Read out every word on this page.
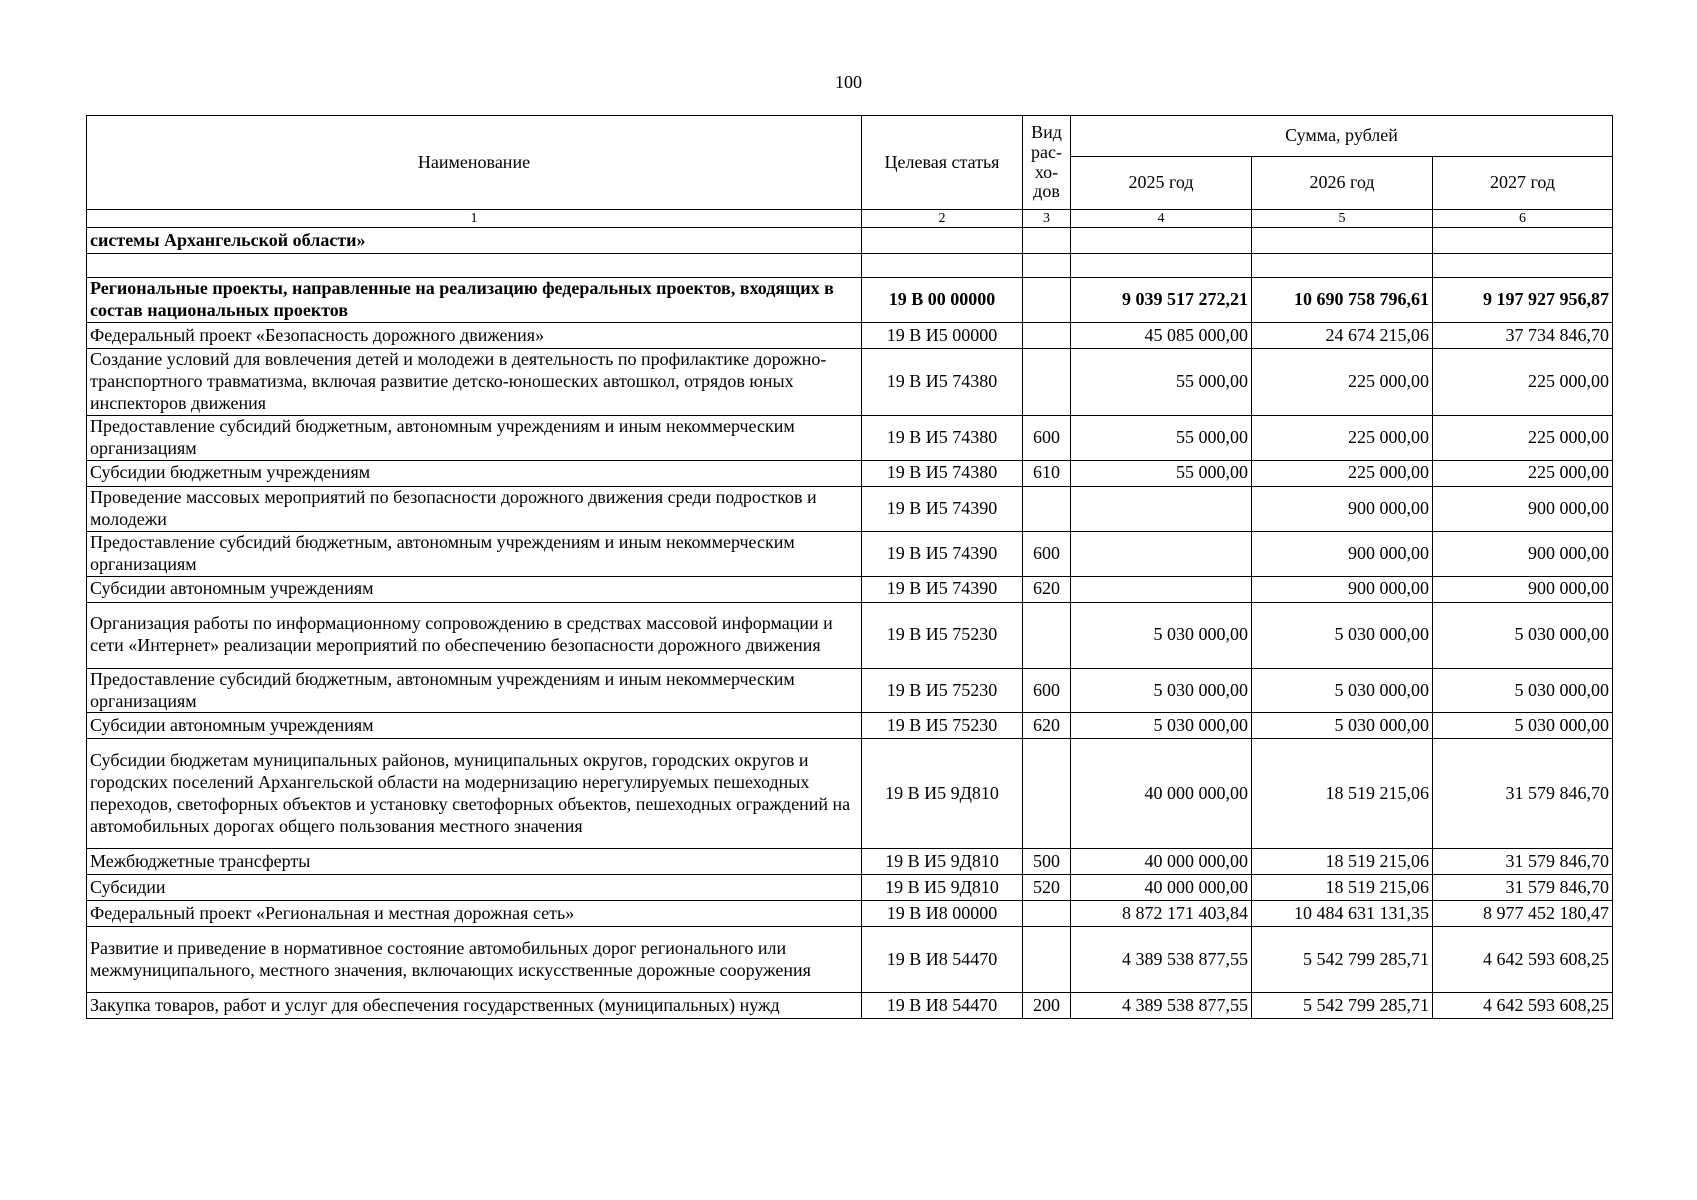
100
Наименование	Целевая статья	Вид рас-хо-дов	Сумма, рублей		
			2025 год	2026 год	2027 год
1	2	3	4	5	6
системы Архангельской области»					

Региональные проекты, направленные на реализацию федеральных проектов, входящих в состав национальных проектов	19 В 00 00000		9 039 517 272,21	10 690 758 796,61	9 197 927 956,87
Федеральный проект «Безопасность дорожного движения»	19 В И5 00000		45 085 000,00	24 674 215,06	37 734 846,70
Создание условий для вовлечения детей и молодежи в деятельность по профилактике дорожно-транспортного травматизма, включая развитие детско-юношеских автошкол, отрядов юных инспекторов движения	19 В И5 74380		55 000,00	225 000,00	225 000,00
Предоставление субсидий бюджетным, автономным учреждениям и иным некоммерческим организациям	19 В И5 74380	600	55 000,00	225 000,00	225 000,00
Субсидии бюджетным учреждениям	19 В И5 74380	610	55 000,00	225 000,00	225 000,00
Проведение массовых мероприятий по безопасности дорожного движения среди подростков и молодежи	19 В И5 74390			900 000,00	900 000,00
Предоставление субсидий бюджетным, автономным учреждениям и иным некоммерческим организациям	19 В И5 74390	600		900 000,00	900 000,00
Субсидии автономным учреждениям	19 В И5 74390	620		900 000,00	900 000,00
Организация работы по информационному сопровождению в средствах массовой информации и сети «Интернет» реализации мероприятий по обеспечению безопасности дорожного движения	19 В И5 75230		5 030 000,00	5 030 000,00	5 030 000,00
Предоставление субсидий бюджетным, автономным учреждениям и иным некоммерческим организациям	19 В И5 75230	600	5 030 000,00	5 030 000,00	5 030 000,00
Субсидии автономным учреждениям	19 В И5 75230	620	5 030 000,00	5 030 000,00	5 030 000,00
Субсидии бюджетам муниципальных районов, муниципальных округов, городских округов и городских поселений Архангельской области на модернизацию нерегулируемых пешеходных переходов, светофорных объектов и установку светофорных объектов, пешеходных ограждений на автомобильных дорогах общего пользования местного значения	19 В И5 9Д810		40 000 000,00	18 519 215,06	31 579 846,70
Межбюджетные трансферты	19 В И5 9Д810	500	40 000 000,00	18 519 215,06	31 579 846,70
Субсидии	19 В И5 9Д810	520	40 000 000,00	18 519 215,06	31 579 846,70
Федеральный проект «Региональная и местная дорожная сеть»	19 В И8 00000		8 872 171 403,84	10 484 631 131,35	8 977 452 180,47
Развитие и приведение в нормативное состояние автомобильных дорог регионального или межмуниципального, местного значения, включающих искусственные дорожные сооружения	19 В И8 54470		4 389 538 877,55	5 542 799 285,71	4 642 593 608,25
Закупка товаров, работ и услуг для обеспечения государственных (муниципальных) нужд	19 В И8 54470	200	4 389 538 877,55	5 542 799 285,71	4 642 593 608,25
